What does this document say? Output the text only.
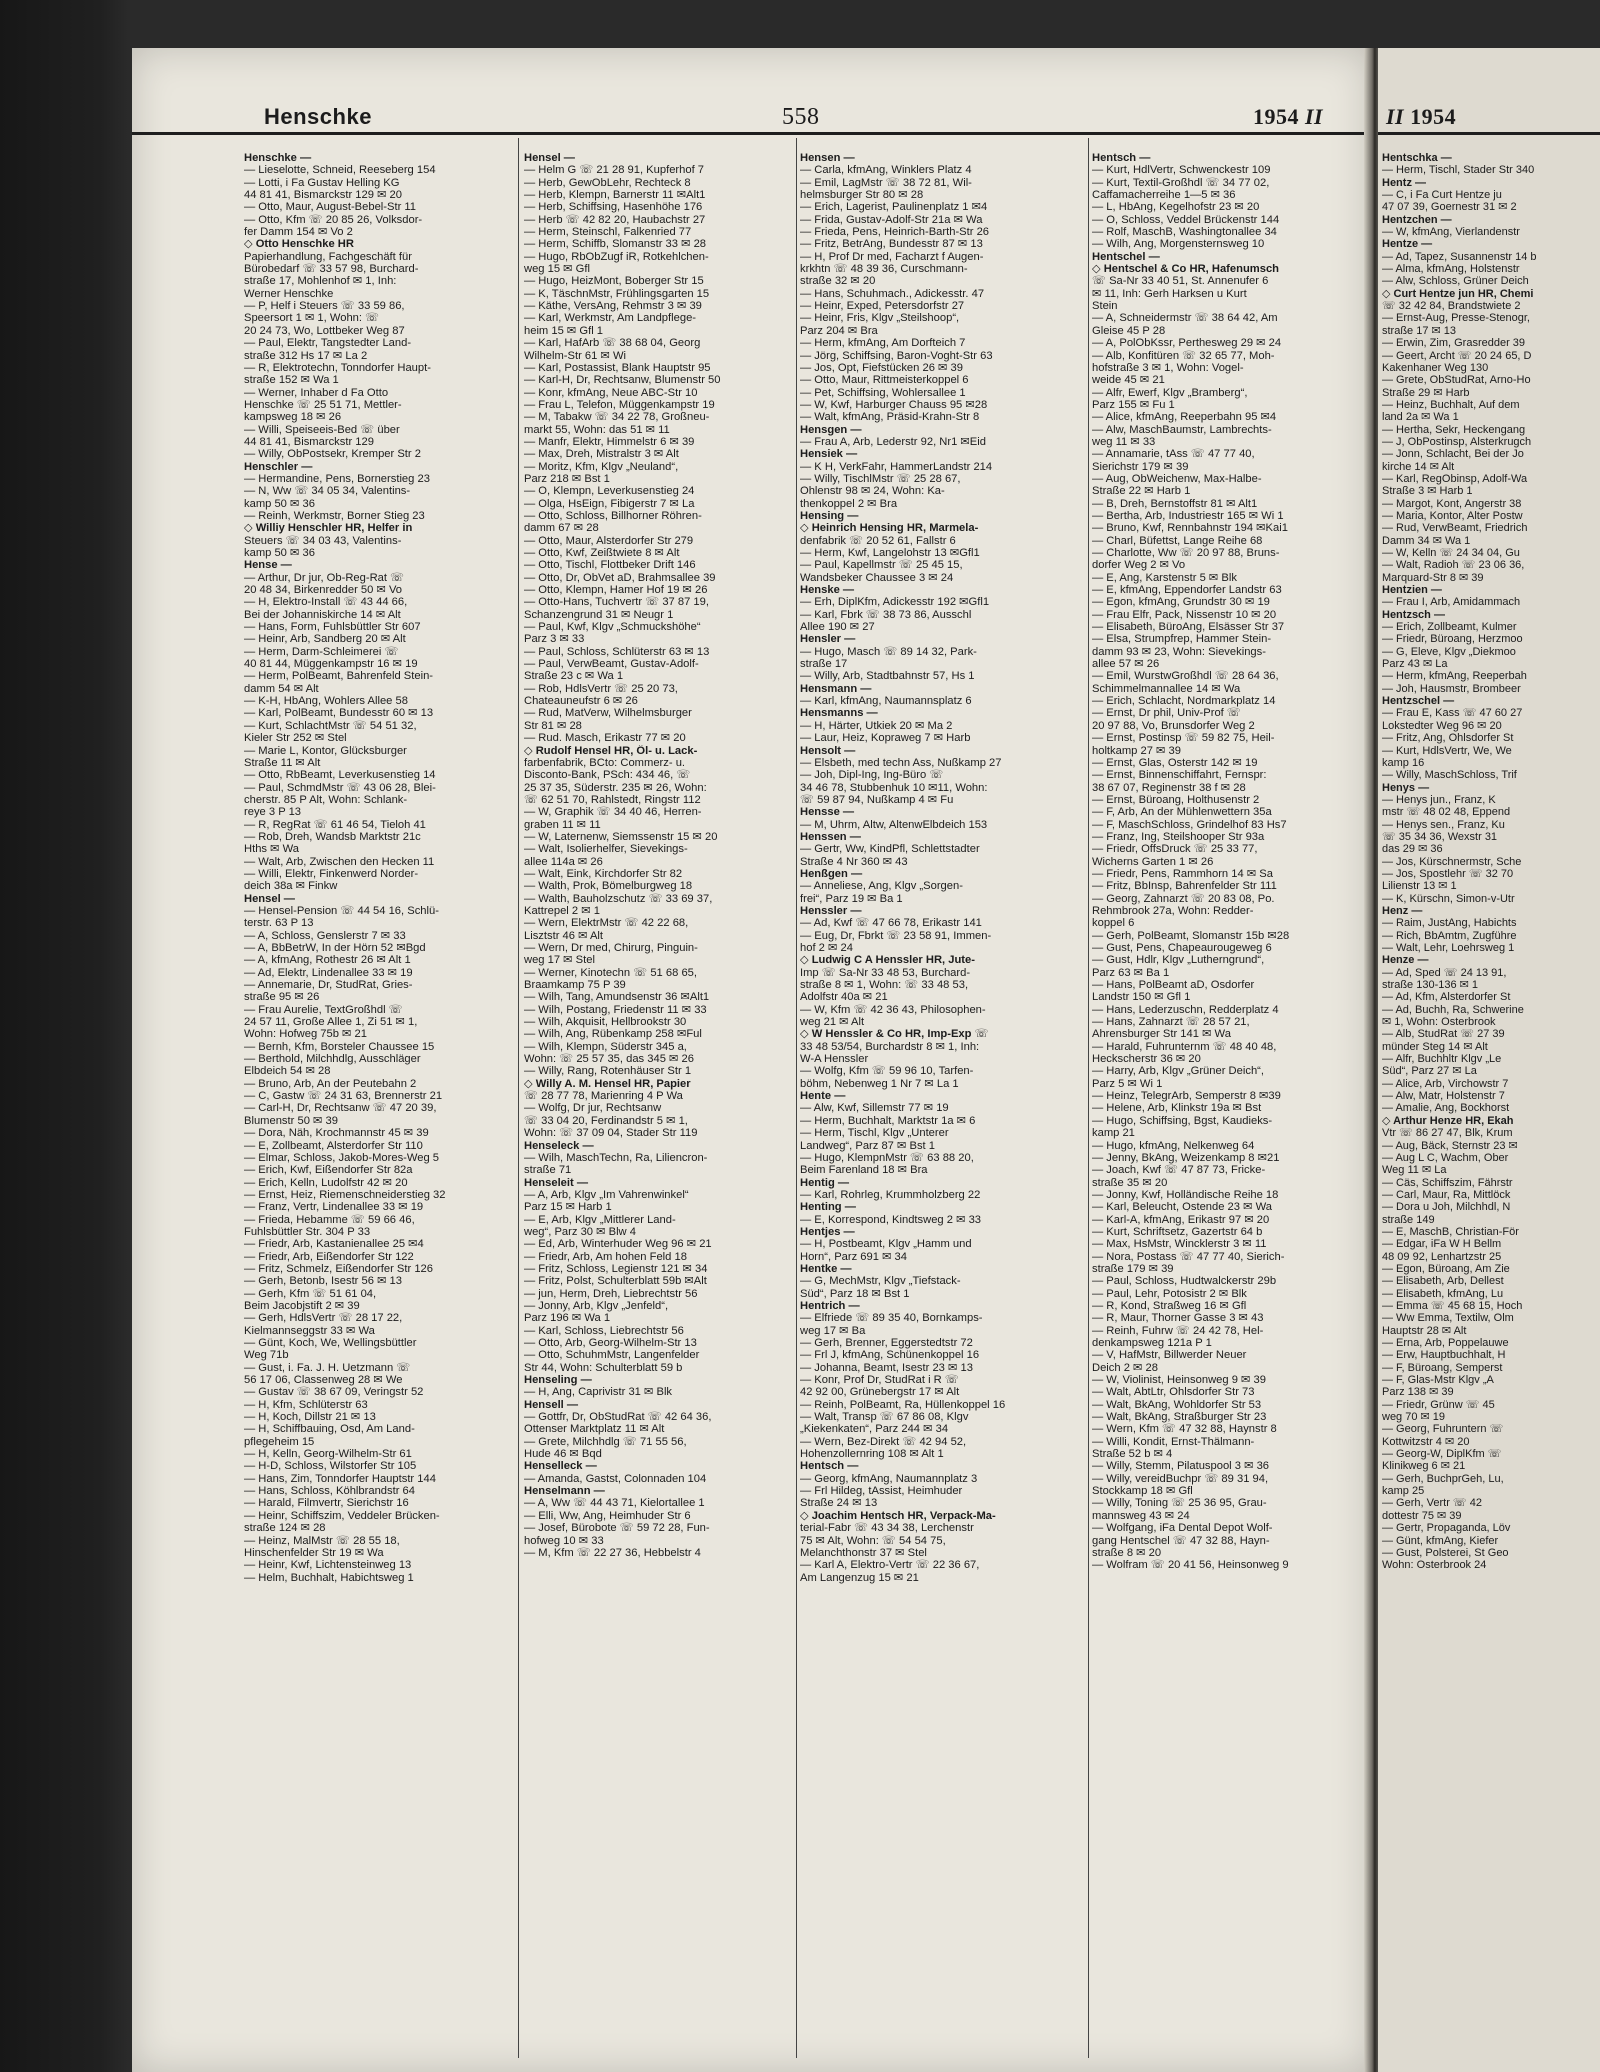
Henschke	558	1954 II	II 1954
Henschke —
— Lieselotte, Schneid, Reeseberg 154
— Lotti, i Fa Gustav Helling KG
44 81 41, Bismarckstr 129 ✉ 20
— Otto, Maur, August-Bebel-Str 11
— Otto, Kfm ☏ 20 85 26, Volksdor-
fer Damm 154 ✉ Vo 2
◇ Otto Henschke HR
Papierhandlung, Fachgeschäft für
Bürobedarf ☏ 33 57 98, Burchard-
straße 17, Mohlenhof ✉ 1, Inh:
Werner Henschke
— P, Helf i Steuers ☏ 33 59 86,
Speersort 1 ✉ 1, Wohn: ☏
20 24 73, Wo, Lottbeker Weg 87
— Paul, Elektr, Tangstedter Land-
straße 312 Hs 17 ✉ La 2
— R, Elektrotechn, Tonndorfer Haupt-
straße 152 ✉ Wa 1
— Werner, Inhaber d Fa Otto
Henschke ☏ 25 51 71, Mettler-
kampsweg 18 ✉ 26
— Willi, Speiseeis-Bed ☏ über
44 81 41, Bismarckstr 129
— Willy, ObPostsekr, Kremper Str 2
Henschler —
— Hermandine, Pens, Bornerstieg 23
— N, Ww ☏ 34 05 34, Valentins-
kamp 50 ✉ 36
— Reinh, Werkmstr, Borner Stieg 23
◇ Williy Henschler HR, Helfer in
Steuers ☏ 34 03 43, Valentins-
kamp 50 ✉ 36
Hense —
— Arthur, Dr jur, Ob-Reg-Rat ☏
20 48 34, Birkenredder 50 ✉ Vo
— H, Elektro-Install ☏ 43 44 66,
Bei der Johanniskirche 14 ✉ Alt
— Hans, Form, Fuhlsbüttler Str 607
— Heinr, Arb, Sandberg 20 ✉ Alt
— Herm, Darm-Schleimerei ☏
40 81 44, Müggenkampstr 16 ✉ 19
— Herm, PolBeamt, Bahrenfeld Stein-
damm 54 ✉ Alt
— K-H, HbAng, Wohlers Allee 58
— Karl, PolBeamt, Bundesstr 60 ✉ 13
— Kurt, SchlachtMstr ☏ 54 51 32,
Kieler Str 252 ✉ Stel
— Marie L, Kontor, Glücksburger
Straße 11 ✉ Alt
— Otto, RbBeamt, Leverkusenstieg 14
— Paul, SchmdMstr ☏ 43 06 28, Blei-
cherstr. 85 P Alt, Wohn: Schlank-
reye 3 P 13
— R, RegRat ☏ 61 46 54, Tieloh 41
— Rob, Dreh, Wandsb Marktstr 21c
Hths ✉ Wa
— Walt, Arb, Zwischen den Hecken 11
— Willi, Elektr, Finkenwerd Norder-
deich 38a ✉ Finkw
Hensel —
— Hensel-Pension ☏ 44 54 16, Schlü-
terstr. 63 P 13
— A, Schloss, Genslerstr 7 ✉ 33
— A, BbBetrW, In der Hörn 52 ✉Bgd
— A, kfmAng, Rothestr 26 ✉ Alt 1
— Ad, Elektr, Lindenallee 33 ✉ 19
— Annemarie, Dr, StudRat, Gries-
straße 95 ✉ 26
— Frau Aurelie, TextGroßhdl ☏
24 57 11, Große Allee 1, Zi 51 ✉ 1,
Wohn: Hofweg 75b ✉ 21
— Bernh, Kfm, Borsteler Chaussee 15
— Berthold, Milchhdlg, Ausschläger
Elbdeich 54 ✉ 28
— Bruno, Arb, An der Peutebahn 2
— C, Gastw ☏ 24 31 63, Brennerstr 21
— Carl-H, Dr, Rechtsanw ☏ 47 20 39,
Blumenstr 50 ✉ 39
— Dora, Näh, Krochmannstr 45 ✉ 39
— E, Zollbeamt, Alsterdorfer Str 110
— Elmar, Schloss, Jakob-Mores-Weg 5
— Erich, Kwf, Eißendorfer Str 82a
— Erich, Kelln, Ludolfstr 42 ✉ 20
— Ernst, Heiz, Riemenschneiderstieg 32
— Franz, Vertr, Lindenallee 33 ✉ 19
— Frieda, Hebamme ☏ 59 66 46,
Fuhlsbüttler Str. 304 P 33
— Friedr, Arb, Kastanienallee 25 ✉4
— Friedr, Arb, Eißendorfer Str 122
— Fritz, Schmelz, Eißendorfer Str 126
— Gerh, Betonb, Isestr 56 ✉ 13
— Gerh, Kfm ☏ 51 61 04,
Beim Jacobjstift 2 ✉ 39
— Gerh, HdlsVertr ☏ 28 17 22,
Kielmannseggstr 33 ✉ Wa
— Günt, Koch, We, Wellingsbüttler
Weg 71b
— Gust, i. Fa. J. H. Uetzmann ☏
56 17 06, Classenweg 28 ✉ We
— Gustav ☏ 38 67 09, Veringstr 52
— H, Kfm, Schlüterstr 63
— H, Koch, Dillstr 21 ✉ 13
— H, Schiffbauing, Osd, Am Land-
pflegeheim 15
— H, Kelln, Georg-Wilhelm-Str 61
— H-D, Schloss, Wilstorfer Str 105
— Hans, Zim, Tonndorfer Hauptstr 144
— Hans, Schloss, Köhlbrandstr 64
— Harald, Filmvertr, Sierichstr 16
— Heinr, Schiffszim, Veddeler Brücken-
straße 124 ✉ 28
— Heinz, MalMstr ☏ 28 55 18,
Hinschenfelder Str 19 ✉ Wa
— Heinr, Kwf, Lichtensteinweg 13
— Helm, Buchhalt, Habichtsweg 1
Hensel —
— Helm G ☏ 21 28 91, Kupferhof 7
— Herb, GewObLehr, Rechteck 8
— Herb, Klempn, Barnerstr 11 ✉Alt1
— Herb, Schiffsing, Hasenhöhe 176
— Herb ☏ 42 82 20, Haubachstr 27
— Herm, Steinschl, Falkenried 77
— Herm, Schiffb, Slomanstr 33 ✉ 28
— Hugo, RbObZugf iR, Rotkehlchen-
weg 15 ✉ Gfl
— Hugo, HeizMont, Boberger Str 15
— K, TäschnMstr, Frühlingsgarten 15
— Käthe, VersAng, Rehmstr 3 ✉ 39
— Karl, Werkmstr, Am Landpflege-
heim 15 ✉ Gfl 1
— Karl, HafArb ☏ 38 68 04, Georg
Wilhelm-Str 61 ✉ Wi
— Karl, Postassist, Blank Hauptstr 95
— Karl-H, Dr, Rechtsanw, Blumenstr 50
— Konr, kfmAng, Neue ABC-Str 10
— Frau L, Telefon, Müggenkampstr 19
— M, Tabakw ☏ 34 22 78, Großneu-
markt 55, Wohn: das 51 ✉ 11
— Manfr, Elektr, Himmelstr 6 ✉ 39
— Max, Dreh, Mistralstr 3 ✉ Alt
— Moritz, Kfm, Klgv „Neuland“,
Parz 218 ✉ Bst 1
— O, Klempn, Leverkusenstieg 24
— Olga, HsEign, Fibigerstr 7 ✉ La
— Otto, Schloss, Billhorner Röhren-
damm 67 ✉ 28
— Otto, Maur, Alsterdorfer Str 279
— Otto, Kwf, Zeißtwiete 8 ✉ Alt
— Otto, Tischl, Flottbeker Drift 146
— Otto, Dr, ObVet aD, Brahmsallee 39
— Otto, Klempn, Hamer Hof 19 ✉ 26
— Otto-Hans, Tuchvertr ☏ 37 87 19,
Schanzengrund 31 ✉ Neugr 1
— Paul, Kwf, Klgv „Schmuckshöhe“
Parz 3 ✉ 33
— Paul, Schloss, Schlüterstr 63 ✉ 13
— Paul, VerwBeamt, Gustav-Adolf-
Straße 23 c ✉ Wa 1
— Rob, HdlsVertr ☏ 25 20 73,
Chateauneufstr 6 ✉ 26
— Rud, MatVerw, Wilhelmsburger
Str 81 ✉ 28
— Rud. Masch, Erikastr 77 ✉ 20
◇ Rudolf Hensel HR, Öl- u. Lack-
farbenfabrik, BCto: Commerz- u.
Disconto-Bank, PSch: 434 46, ☏
25 37 35, Süderstr. 235 ✉ 26, Wohn:
☏ 62 51 70, Rahlstedt, Ringstr 112
— W, Graphik ☏ 34 40 46, Herren-
graben 11 ✉ 11
— W, Laternenw, Siemssenstr 15 ✉ 20
— Walt, Isolierhelfer, Sievekings-
allee 114a ✉ 26
— Walt, Eink, Kirchdorfer Str 82
— Walth, Prok, Bömelburgweg 18
— Walth, Bauholzschutz ☏ 33 69 37,
Kattrepel 2 ✉ 1
— Wern, ElektrMstr ☏ 42 22 68,
Lisztstr 46 ✉ Alt
— Wern, Dr med, Chirurg, Pinguin-
weg 17 ✉ Stel
— Werner, Kinotechn ☏ 51 68 65,
Braamkamp 75 P 39
— Wilh, Tang, Amundsenstr 36 ✉Alt1
— Wilh, Postang, Friedenstr 11 ✉ 33
— Wilh, Akquisit, Hellbrookstr 30
— Wilh, Ang, Rübenkamp 258 ✉Ful
— Wilh, Klempn, Süderstr 345 a,
Wohn: ☏ 25 57 35, das 345 ✉ 26
— Willy, Rang, Rotenhäuser Str 1
◇ Willy A. M. Hensel HR, Papier
☏ 28 77 78, Marienring 4 P Wa
— Wolfg, Dr jur, Rechtsanw
☏ 33 04 20, Ferdinandstr 5 ✉ 1,
Wohn: ☏ 37 09 04, Stader Str 119
Henseleck —
— Wilh, MaschTechn, Ra, Liliencron-
straße 71
Henseleit —
— A, Arb, Klgv „Im Vahrenwinkel“
Parz 15 ✉ Harb 1
— E, Arb, Klgv „Mittlerer Land-
weg“, Parz 30 ✉ Blw 4
— Ed, Arb, Winterhuder Weg 96 ✉ 21
— Friedr, Arb, Am hohen Feld 18
— Fritz, Schloss, Legienstr 121 ✉ 34
— Fritz, Polst, Schulterblatt 59b ✉Alt
— jun, Herm, Dreh, Liebrechtstr 56
— Jonny, Arb, Klgv „Jenfeld“,
Parz 196 ✉ Wa 1
— Karl, Schloss, Liebrechtstr 56
— Otto, Arb, Georg-Wilhelm-Str 13
— Otto, SchuhmMstr, Langenfelder
Str 44, Wohn: Schulterblatt 59 b
Henseling —
— H, Ang, Caprivistr 31 ✉ Blk
Hensell —
— Gottfr, Dr, ObStudRat ☏ 42 64 36,
Ottenser Marktplatz 11 ✉ Alt
— Grete, Milchhdlg ☏ 71 55 56,
Hude 46 ✉ Bqd
Henselleck —
— Amanda, Gastst, Colonnaden 104
Henselmann —
— A, Ww ☏ 44 43 71, Kielortallee 1
— Elli, Ww, Ang, Heimhuder Str 6
— Josef, Bürobote ☏ 59 72 28, Fun-
hofweg 10 ✉ 33
— M, Kfm ☏ 22 27 36, Hebbelstr 4
Hensen —
— Carla, kfmAng, Winklers Platz 4
— Emil, LagMstr ☏ 38 72 81, Wil-
helmsburger Str 80 ✉ 28
— Erich, Lagerist, Paulinenplatz 1 ✉4
— Frida, Gustav-Adolf-Str 21a ✉ Wa
— Frieda, Pens, Heinrich-Barth-Str 26
— Fritz, BetrAng, Bundesstr 87 ✉ 13
— H, Prof Dr med, Facharzt f Augen-
krkhtn ☏ 48 39 36, Curschmann-
straße 32 ✉ 20
— Hans, Schuhmach., Adickesstr. 47
— Heinr, Exped, Petersdorfstr 27
— Heinr, Fris, Klgv „Steilshoop“,
Parz 204 ✉ Bra
— Herm, kfmAng, Am Dorfteich 7
— Jörg, Schiffsing, Baron-Voght-Str 63
— Jos, Opt, Fiefstücken 26 ✉ 39
— Otto, Maur, Rittmeisterkoppel 6
— Pet, Schiffsing, Wohlersallee 1
— W, Kwf, Harburger Chauss 95 ✉28
— Walt, kfmAng, Präsid-Krahn-Str 8
Hensgen —
— Frau A, Arb, Lederstr 92, Nr1 ✉Eid
Hensiek —
— K H, VerkFahr, HammerLandstr 214
— Willy, TischlMstr ☏ 25 28 67,
Ohlenstr 98 ✉ 24, Wohn: Ka-
thenkoppel 2 ✉ Bra
Hensing —
◇ Heinrich Hensing HR, Marmela-
denfabrik ☏ 20 52 61, Fallstr 6
— Herm, Kwf, Langelohstr 13 ✉Gfl1
— Paul, Kapellmstr ☏ 25 45 15,
Wandsbeker Chaussee 3 ✉ 24
Henske —
— Erh, DiplKfm, Adickesstr 192 ✉Gfl1
— Karl, Fbrk ☏ 38 73 86, Ausschl
Allee 190 ✉ 27
Hensler —
— Hugo, Masch ☏ 89 14 32, Park-
straße 17
— Willy, Arb, Stadtbahnstr 57, Hs 1
Hensmann —
— Karl, kfmAng, Naumannsplatz 6
Hensmanns —
— H, Härter, Utkiek 20 ✉ Ma 2
— Laur, Heiz, Kopraweg 7 ✉ Harb
Hensolt —
— Elsbeth, med techn Ass, Nußkamp 27
— Joh, Dipl-Ing, Ing-Büro ☏
34 46 78, Stubbenhuk 10 ✉11, Wohn:
☏ 59 87 94, Nußkamp 4 ✉ Fu
Hensse —
— M, Uhrm, Altw, AltenwElbdeich 153
Henssen —
— Gertr, Ww, KindPfl, Schlettstadter
Straße 4 Nr 360 ✉ 43
Henßgen —
— Anneliese, Ang, Klgv „Sorgen-
frei“, Parz 19 ✉ Ba 1
Henssler —
— Ad, Kwf ☏ 47 66 78, Erikastr 141
— Eug, Dr, Fbrkt ☏ 23 58 91, Immen-
hof 2 ✉ 24
◇ Ludwig C A Henssler HR, Jute-
Imp ☏ Sa-Nr 33 48 53, Burchard-
straße 8 ✉ 1, Wohn: ☏ 33 48 53,
Adolfstr 40a ✉ 21
— W, Kfm ☏ 42 36 43, Philosophen-
weg 21 ✉ Alt
◇ W Henssler & Co HR, Imp-Exp ☏
33 48 53/54, Burchardstr 8 ✉ 1, Inh:
W-A Henssler
— Wolfg, Kfm ☏ 59 96 10, Tarfen-
böhm, Nebenweg 1 Nr 7 ✉ La 1
Hente —
— Alw, Kwf, Sillemstr 77 ✉ 19
— Herm, Buchhalt, Marktstr 1a ✉ 6
— Herm, Tischl, Klgv „Unterer
Landweg“, Parz 87 ✉ Bst 1
— Hugo, KlempnMstr ☏ 63 88 20,
Beim Farenland 18 ✉ Bra
Hentig —
— Karl, Rohrleg, Krummholzberg 22
Henting —
— E, Korrespond, Kindtsweg 2 ✉ 33
Hentjes —
— H, Postbeamt, Klgv „Hamm und
Horn“, Parz 691 ✉ 34
Hentke —
— G, MechMstr, Klgv „Tiefstack-
Süd“, Parz 18 ✉ Bst 1
Hentrich —
— Elfriede ☏ 89 35 40, Bornkamps-
weg 17 ✉ Ba
— Gerh, Brenner, Eggerstedtstr 72
— Frl J, kfmAng, Schünenkoppel 16
— Johanna, Beamt, Isestr 23 ✉ 13
— Konr, Prof Dr, StudRat i R ☏
42 92 00, Grünebergstr 17 ✉ Alt
— Reinh, PolBeamt, Ra, Hüllenkoppel 16
— Walt, Transp ☏ 67 86 08, Klgv
„Kiekenkaten“, Parz 244 ✉ 34
— Wern, Bez-Direkt ☏ 42 94 52,
Hohenzollernring 108 ✉ Alt 1
Hentsch —
— Georg, kfmAng, Naumannplatz 3
— Frl Hildeg, tAssist, Heimhuder
Straße 24 ✉ 13
◇ Joachim Hentsch HR, Verpack-Ma-
terial-Fabr ☏ 43 34 38, Lerchenstr
75 ✉ Alt, Wohn: ☏ 54 54 75,
Melanchthonstr 37 ✉ Stel
— Karl A, Elektro-Vertr ☏ 22 36 67,
Am Langenzug 15 ✉ 21
Hentsch —
— Kurt, HdlVertr, Schwenckestr 109
— Kurt, Textil-Großhdl ☏ 34 77 02,
Caffamacherreihe 1—5 ✉ 36
— L, HbAng, Kegelhofstr 23 ✉ 20
— O, Schloss, Veddel Brückenstr 144
— Rolf, MaschB, Washingtonallee 34
— Wilh, Ang, Morgensternsweg 10
Hentschel —
◇ Hentschel & Co HR, Hafenumsch
☏ Sa-Nr 33 40 51, St. Annenufer 6
✉ 11, Inh: Gerh Harksen u Kurt
Stein
— A, Schneidermstr ☏ 38 64 42, Am
Gleise 45 P 28
— A, PolObKssr, Perthesweg 29 ✉ 24
— Alb, Konfitüren ☏ 32 65 77, Moh-
hofstraße 3 ✉ 1, Wohn: Vogel-
weide 45 ✉ 21
— Alfr, Ewerf, Klgv „Bramberg“,
Parz 155 ✉ Fu 1
— Alice, kfmAng, Reeperbahn 95 ✉4
— Alw, MaschBaumstr, Lambrechts-
weg 11 ✉ 33
— Annamarie, tAss ☏ 47 77 40,
Sierichstr 179 ✉ 39
— Aug, ObWeichenw, Max-Halbe-
Straße 22 ✉ Harb 1
— B, Dreh, Bernstoffstr 81 ✉ Alt1
— Bertha, Arb, Industriestr 165 ✉ Wi 1
— Bruno, Kwf, Rennbahnstr 194 ✉Kai1
— Charl, Büfettst, Lange Reihe 68
— Charlotte, Ww ☏ 20 97 88, Bruns-
dorfer Weg 2 ✉ Vo
— E, Ang, Karstenstr 5 ✉ Blk
— E, kfmAng, Eppendorfer Landstr 63
— Egon, kfmAng, Grundstr 30 ✉ 19
— Frau Elfr, Pack, Nissenstr 10 ✉ 20
— Elisabeth, BüroAng, Elsässer Str 37
— Elsa, Strumpfrep, Hammer Stein-
damm 93 ✉ 23, Wohn: Sievekings-
allee 57 ✉ 26
— Emil, WurstwGroßhdl ☏ 28 64 36,
Schimmelmannallee 14 ✉ Wa
— Erich, Schlacht, Nordmarkplatz 14
— Ernst, Dr phil, Univ-Prof ☏
20 97 88, Vo, Brunsdorfer Weg 2
— Ernst, Postinsp ☏ 59 82 75, Heil-
holtkamp 27 ✉ 39
— Ernst, Glas, Osterstr 142 ✉ 19
— Ernst, Binnenschiffahrt, Fernspr:
38 67 07, Reginenstr 38 f ✉ 28
— Ernst, Büroang, Holthusenstr 2
— F, Arb, An der Mühlenwettern 35a
— F, MaschSchloss, Grindelhof 83 Hs7
— Franz, Ing, Steilshooper Str 93a
— Friedr, OffsDruck ☏ 25 33 77,
Wicherns Garten 1 ✉ 26
— Friedr, Pens, Rammhorn 14 ✉ Sa
— Fritz, BbInsp, Bahrenfelder Str 111
— Georg, Zahnarzt ☏ 20 83 08, Po.
Rehmbrook 27a, Wohn: Redder-
koppel 6
— Gerh, PolBeamt, Slomanstr 15b ✉28
— Gust, Pens, Chapeaurougeweg 6
— Gust, Hdlr, Klgv „Lutherngrund“,
Parz 63 ✉ Ba 1
— Hans, PolBeamt aD, Osdorfer
Landstr 150 ✉ Gfl 1
— Hans, Lederzuschn, Redderplatz 4
— Hans, Zahnarzt ☏ 28 57 21,
Ahrensburger Str 141 ✉ Wa
— Harald, Fuhrunternm ☏ 48 40 48,
Heckscherstr 36 ✉ 20
— Harry, Arb, Klgv „Grüner Deich“,
Parz 5 ✉ Wi 1
— Heinz, TelegrArb, Semperstr 8 ✉39
— Helene, Arb, Klinkstr 19a ✉ Bst
— Hugo, Schiffsing, Bgst, Kaudieks-
kamp 21
— Hugo, kfmAng, Nelkenweg 64
— Jenny, BkAng, Weizenkamp 8 ✉21
— Joach, Kwf ☏ 47 87 73, Fricke-
straße 35 ✉ 20
— Jonny, Kwf, Holländische Reihe 18
— Karl, Beleucht, Ostende 23 ✉ Wa
— Karl-A, kfmAng, Erikastr 97 ✉ 20
— Kurt, Schriftsetz, Gazertstr 64 b
— Max, HsMstr, Wincklerstr 3 ✉ 11
— Nora, Postass ☏ 47 77 40, Sierich-
straße 179 ✉ 39
— Paul, Schloss, Hudtwalckerstr 29b
— Paul, Lehr, Potosistr 2 ✉ Blk
— R, Kond, Straßweg 16 ✉ Gfl
— R, Maur, Thorner Gasse 3 ✉ 43
— Reinh, Fuhrw ☏ 24 42 78, Hel-
denkampsweg 121a P 1
— V, HafMstr, Billwerder Neuer
Deich 2 ✉ 28
— W, Violinist, Heinsonweg 9 ✉ 39
— Walt, AbtLtr, Ohlsdorfer Str 73
— Walt, BkAng, Wohldorfer Str 53
— Walt, BkAng, Straßburger Str 23
— Wern, Kfm ☏ 47 32 88, Haynstr 8
— Willi, Kondit, Ernst-Thälmann-
Straße 52 b ✉ 4
— Willy, Stemm, Pilatuspool 3 ✉ 36
— Willy, vereidBuchpr ☏ 89 31 94,
Stockkamp 18 ✉ Gfl
— Willy, Toning ☏ 25 36 95, Grau-
mannsweg 43 ✉ 24
— Wolfgang, iFa Dental Depot Wolf-
gang Hentschel ☏ 47 32 88, Hayn-
straße 8 ✉ 20
— Wolfram ☏ 20 41 56, Heinsonweg 9
Hentschka —
— Herm, Tischl, Stader Str 340
Hentz —
— C, i Fa Curt Hentze ju
47 07 39, Goernestr 31 ✉ 2
Hentzchen —
— W, kfmAng, Vierlandenstr
Hentze —
— Ad, Tapez, Susannenstr 14 b
— Alma, kfmAng, Holstenstr
— Alw, Schloss, Grüner Deich
◇ Curt Hentze jun HR, Chemi
☏ 32 42 84, Brandstwiete 2
— Ernst-Aug, Presse-Stenogr,
straße 17 ✉ 13
— Erwin, Zim, Grasredder 39
— Geert, Archt ☏ 20 24 65, D
Kakenhaner Weg 130
— Grete, ObStudRat, Arno-Ho
Straße 29 ✉ Harb
— Heinz, Buchhalt, Auf dem
land 2a ✉ Wa 1
— Hertha, Sekr, Heckengang
— J, ObPostinsp, Alsterkrugch
— Jonn, Schlacht, Bei der Jo
kirche 14 ✉ Alt
— Karl, RegObinsp, Adolf-Wa
Straße 3 ✉ Harb 1
— Margot, Kont, Angerstr 38
— Maria, Kontor, Alter Postw
— Rud, VerwBeamt, Friedrich
Damm 34 ✉ Wa 1
— W, Kelln ☏ 24 34 04, Gu
— Walt, Radioh ☏ 23 06 36,
Marquard-Str 8 ✉ 39
Hentzien —
— Frau I, Arb, Amidammach
Hentzsch —
— Erich, Zollbeamt, Kulmer
— Friedr, Büroang, Herzmoo
— G, Eleve, Klgv „Diekmoo
Parz 43 ✉ La
— Herm, kfmAng, Reeperbah
— Joh, Hausmstr, Brombeer
Hentzschel —
— Frau E, Kass ☏ 47 60 27
Lokstedter Weg 96 ✉ 20
— Fritz, Ang, Ohlsdorfer St
— Kurt, HdlsVertr, We, We
kamp 16
— Willy, MaschSchloss, Trif
Henys —
— Henys jun., Franz, K
mstr ☏ 48 02 48, Eppend
— Henys sen., Franz, Ku
☏ 35 34 36, Wexstr 31
das 29 ✉ 36
— Jos, Kürschnermstr, Sche
— Jos, Spostlehr ☏ 32 70
Lilienstr 13 ✉ 1
— K, Kürschn, Simon-v-Utr
Henz —
— Raim, JustAng, Habichts
— Rich, BbAmtm, Zugführe
— Walt, Lehr, Loehrsweg 1
Henze —
— Ad, Sped ☏ 24 13 91,
straße 130-136 ✉ 1
— Ad, Kfm, Alsterdorfer St
— Ad, Buchh, Ra, Schwerine
✉ 1, Wohn: Osterbrook
— Alb, StudRat ☏ 27 39
münder Steg 14 ✉ Alt
— Alfr, Buchhltr Klgv „Le
Süd“, Parz 27 ✉ La
— Alice, Arb, Virchowstr 7
— Alw, Matr, Holstenstr 7
— Amalie, Ang, Bockhorst
◇ Arthur Henze HR, Ekah
Vtr ☏ 86 27 47, Blk, Krum
— Aug, Bäck, Sternstr 23 ✉
— Aug L C, Wachm, Ober
Weg 11 ✉ La
— Cäs, Schiffszim, Fährstr
— Carl, Maur, Ra, Mittlöck
— Dora u Joh, Milchhdl, N
straße 149
— E, MaschB, Christian-För
— Edgar, iFa W H Bellm
48 09 92, Lenhartzstr 25
— Egon, Büroang, Am Zie
— Elisabeth, Arb, Dellest
— Elisabeth, kfmAng, Lu
— Emma ☏ 45 68 15, Hoch
— Ww Emma, Textilw, Olm
Hauptstr 28 ✉ Alt
— Erna, Arb, Poppelauwe
— Erw, Hauptbuchhalt, H
— F, Büroang, Semperst
— F, Glas-Mstr Klgv „A
Parz 138 ✉ 39
— Friedr, Grünw ☏ 45
weg 70 ✉ 19
— Georg, Fuhruntern ☏
Kottwitzstr 4 ✉ 20
— Georg-W, DiplKfm ☏
Klinikweg 6 ✉ 21
— Gerh, BuchprGeh, Lu,
kamp 25
— Gerh, Vertr ☏ 42
dottestr 75 ✉ 39
— Gertr, Propaganda, Löv
— Günt, kfmAng, Kiefer
— Gust, Polsterei, St Geo
Wohn: Osterbrook 24
